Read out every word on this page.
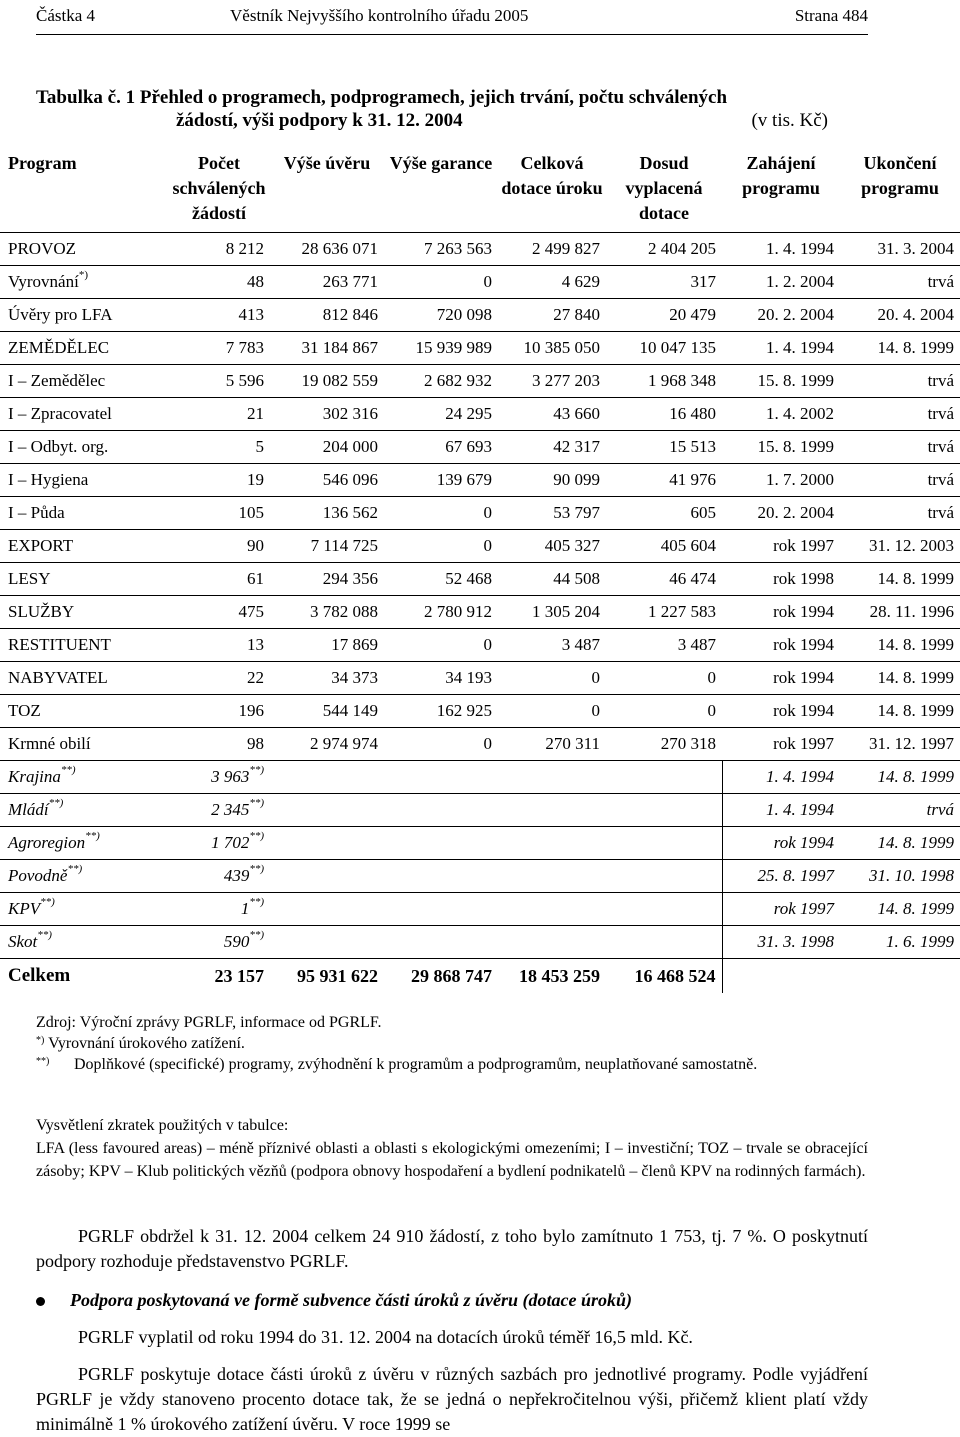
Částka 4	Věstník Nejvyššího kontrolního úřadu 2005	Strana 484
Tabulka č. 1 Přehled o programech, podprogramech, jejich trvání, počtu schválených
žádostí, výši podpory k 31. 12. 2004	(v tis. Kč)
Program	Počet schválených žádostí	Výše úvěru	Výše garance	Celková dotace úroku	Dosud vyplacená dotace	Zahájení programu	Ukončení programu
PROVOZ	8 212	28 636 071	7 263 563	2 499 827	2 404 205	1. 4. 1994	31. 3. 2004
Vyrovnání*)	48	263 771	0	4 629	317	1. 2. 2004	trvá
Úvěry pro LFA	413	812 846	720 098	27 840	20 479	20. 2. 2004	20. 4. 2004
ZEMĚDĚLEC	7 783	31 184 867	15 939 989	10 385 050	10 047 135	1. 4. 1994	14. 8. 1999
I – Zemědělec	5 596	19 082 559	2 682 932	3 277 203	1 968 348	15. 8. 1999	trvá
I – Zpracovatel	21	302 316	24 295	43 660	16 480	1. 4. 2002	trvá
I – Odbyt. org.	5	204 000	67 693	42 317	15 513	15. 8. 1999	trvá
I – Hygiena	19	546 096	139 679	90 099	41 976	1. 7. 2000	trvá
I – Půda	105	136 562	0	53 797	605	20. 2. 2004	trvá
EXPORT	90	7 114 725	0	405 327	405 604	rok 1997	31. 12. 2003
LESY	61	294 356	52 468	44 508	46 474	rok 1998	14. 8. 1999
SLUŽBY	475	3 782 088	2 780 912	1 305 204	1 227 583	rok 1994	28. 11. 1996
RESTITUENT	13	17 869	0	3 487	3 487	rok 1994	14. 8. 1999
NABYVATEL	22	34 373	34 193	0	0	rok 1994	14. 8. 1999
TOZ	196	544 149	162 925	0	0	rok 1994	14. 8. 1999
Krmné obilí	98	2 974 974	0	270 311	270 318	rok 1997	31. 12. 1997
Krajina**)	3 963**)					1. 4. 1994	14. 8. 1999
Mládí**)	2 345**)					1. 4. 1994	trvá
Agroregion**)	1 702**)					rok 1994	14. 8. 1999
Povodně**)	439**)					25. 8. 1997	31. 10. 1998
KPV**)	1**)					rok 1997	14. 8. 1999
Skot**)	590**)					31. 3. 1998	1. 6. 1999
Celkem	23 157	95 931 622	29 868 747	18 453 259	16 468 524		
Zdroj: Výroční zprávy PGRLF, informace od PGRLF.
*) Vyrovnání úrokového zatížení.
**)	Doplňkové (specifické) programy, zvýhodnění k programům a podprogramům, neuplatňované samostatně.
Vysvětlení zkratek použitých v tabulce:
LFA (less favoured areas) – méně příznivé oblasti a oblasti s ekologickými omezeními; I – investiční; TOZ – trvale se obracející zásoby; KPV – Klub politických vězňů (podpora obnovy hospodaření a bydlení podnikatelů – členů KPV na rodinných farmách).
PGRLF obdržel k 31. 12. 2004 celkem 24 910 žádostí, z toho bylo zamítnuto 1 753, tj. 7 %. O poskytnutí podpory rozhoduje představenstvo PGRLF.
Podpora poskytovaná ve formě subvence části úroků z úvěru (dotace úroků)
PGRLF vyplatil od roku 1994 do 31. 12. 2004 na dotacích úroků téměř 16,5 mld. Kč.
PGRLF poskytuje dotace části úroků z úvěru v různých sazbách pro jednotlivé programy. Podle vyjádření PGRLF je vždy stanoveno procento dotace tak, že se jedná o nepřekročitelnou výši, přičemž klient platí vždy minimálně 1 % úrokového zatížení úvěru. V roce 1999 se
